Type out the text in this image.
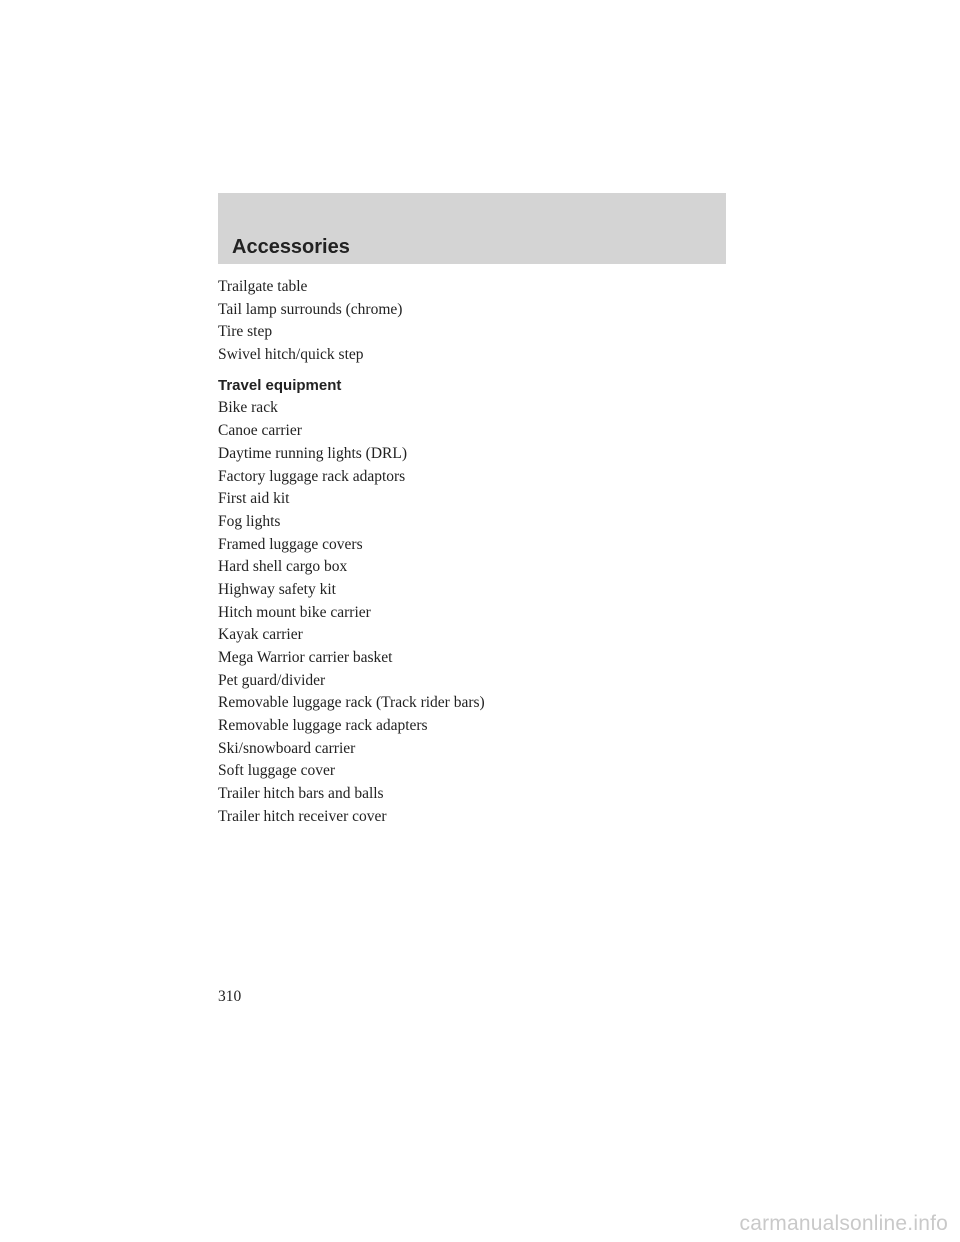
Accessories
Trailgate table
Tail lamp surrounds (chrome)
Tire step
Swivel hitch/quick step
Travel equipment
Bike rack
Canoe carrier
Daytime running lights (DRL)
Factory luggage rack adaptors
First aid kit
Fog lights
Framed luggage covers
Hard shell cargo box
Highway safety kit
Hitch mount bike carrier
Kayak carrier
Mega Warrior carrier basket
Pet guard/divider
Removable luggage rack (Track rider bars)
Removable luggage rack adapters
Ski/snowboard carrier
Soft luggage cover
Trailer hitch bars and balls
Trailer hitch receiver cover
310
carmanualsonline.info
